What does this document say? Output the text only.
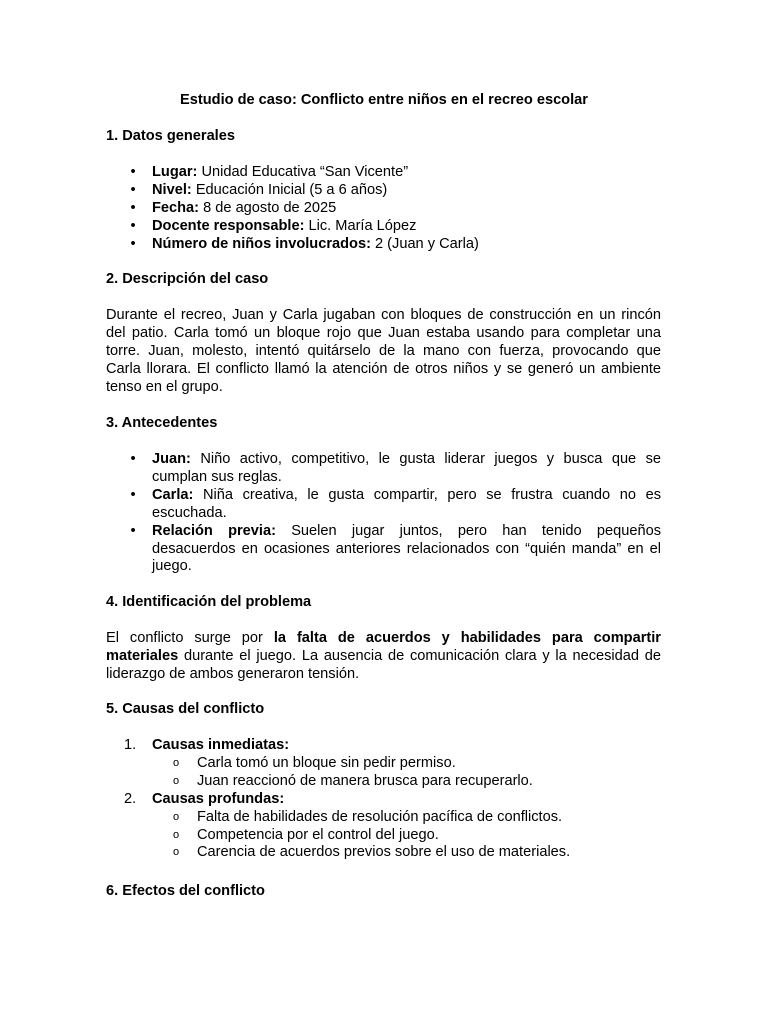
Estudio de caso: Conflicto entre niños en el recreo escolar
1. Datos generales
•	Lugar: Unidad Educativa “San Vicente”
•	Nivel: Educación Inicial (5 a 6 años)
•	Fecha: 8 de agosto de 2025
•	Docente responsable: Lic. María López
•	Número de niños involucrados: 2 (Juan y Carla)
2. Descripción del caso
Durante el recreo, Juan y Carla jugaban con bloques de construcción en un rincón
del patio. Carla tomó un bloque rojo que Juan estaba usando para completar una
torre. Juan, molesto, intentó quitárselo de la mano con fuerza, provocando que
Carla llorara. El conflicto llamó la atención de otros niños y se generó un ambiente
tenso en el grupo.
3. Antecedentes
•	Juan: Niño activo, competitivo, le gusta liderar juegos y busca que se
cumplan sus reglas.
•	Carla: Niña creativa, le gusta compartir, pero se frustra cuando no es
escuchada.
•	Relación previa: Suelen jugar juntos, pero han tenido pequeños
desacuerdos en ocasiones anteriores relacionados con “quién manda” en el
juego.
4. Identificación del problema
El conflicto surge por la falta de acuerdos y habilidades para compartir
materiales durante el juego. La ausencia de comunicación clara y la necesidad de
liderazgo de ambos generaron tensión.
5. Causas del conflicto
1.	Causas inmediatas:
o Carla tomó un bloque sin pedir permiso.
o Juan reaccionó de manera brusca para recuperarlo.
2.	Causas profundas:
o Falta de habilidades de resolución pacífica de conflictos.
o Competencia por el control del juego.
o Carencia de acuerdos previos sobre el uso de materiales.
6. Efectos del conflicto
